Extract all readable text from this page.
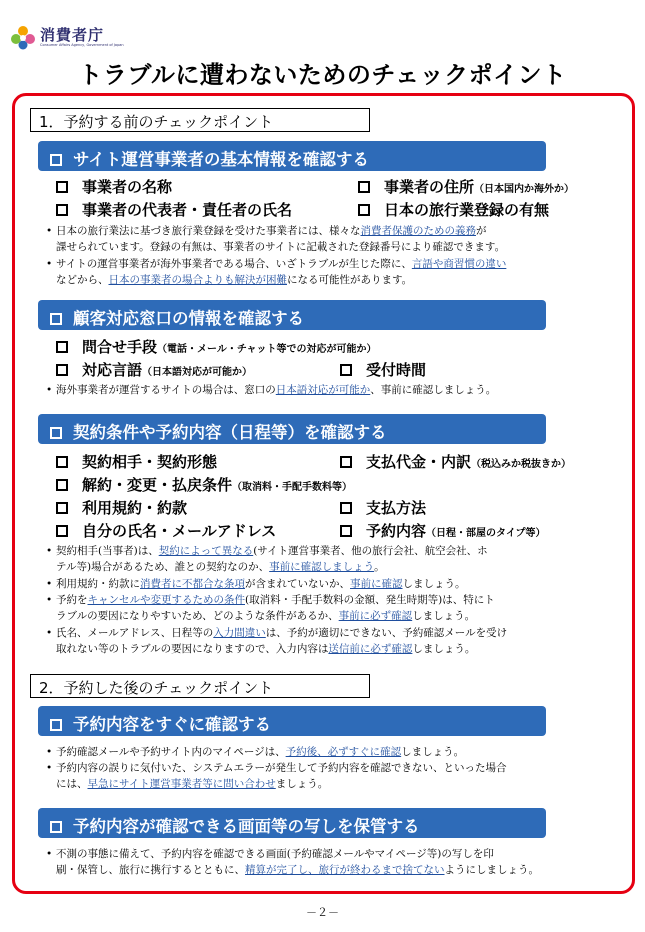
消費者庁
Consumer Affairs Agency, Government of Japan
トラブルに遭わないためのチェックポイント
1．予約する前のチェックポイント
サイト運営事業者の基本情報を確認する
事業者の名称	事業者の住所（日本国内か海外か）
事業者の代表者・責任者の氏名	日本の旅行業登録の有無
• 日本の旅行業法に基づき旅行業登録を受けた事業者には、様々な消費者保護のための義務が
課せられています。登録の有無は、事業者のサイトに記載された登録番号により確認できます。
• サイトの運営事業者が海外事業者である場合、いざトラブルが生じた際に、言語や商習慣の違い
などから、日本の事業者の場合よりも解決が困難になる可能性があります。
顧客対応窓口の情報を確認する
問合せ手段（電話・メール・チャット等での対応が可能か）
対応言語（日本語対応が可能か）	受付時間
• 海外事業者が運営するサイトの場合は、窓口の日本語対応が可能か、事前に確認しましょう。
契約条件や予約内容（日程等）を確認する
契約相手・契約形態	支払代金・内訳（税込みか税抜きか）
解約・変更・払戻条件（取消料・手配手数料等）
利用規約・約款	支払方法
自分の氏名・メールアドレス	予約内容（日程・部屋のタイプ等）
• 契約相手(当事者)は、契約によって異なる(サイト運営事業者、他の旅行会社、航空会社、ホ
テル等)場合があるため、誰との契約なのか、事前に確認しましょう。
• 利用規約・約款に消費者に不都合な条項が含まれていないか、事前に確認しましょう。
• 予約をキャンセルや変更するための条件(取消料・手配手数料の金額、発生時期等)は、特にト
ラブルの要因になりやすいため、どのような条件があるか、事前に必ず確認しましょう。
• 氏名、メールアドレス、日程等の入力間違いは、予約が適切にできない、予約確認メールを受け
取れない等のトラブルの要因になりますので、入力内容は送信前に必ず確認しましょう。
2．予約した後のチェックポイント
予約内容をすぐに確認する
• 予約確認メールや予約サイト内のマイページは、予約後、必ずすぐに確認しましょう。
• 予約内容の誤りに気付いた、システムエラーが発生して予約内容を確認できない、といった場合
には、早急にサイト運営事業者等に問い合わせましょう。
予約内容が確認できる画面等の写しを保管する
• 不測の事態に備えて、予約内容を確認できる画面(予約確認メールやマイページ等)の写しを印
刷・保管し、旅行に携行するとともに、精算が完了し、旅行が終わるまで捨てないようにしましょう。
－２－
